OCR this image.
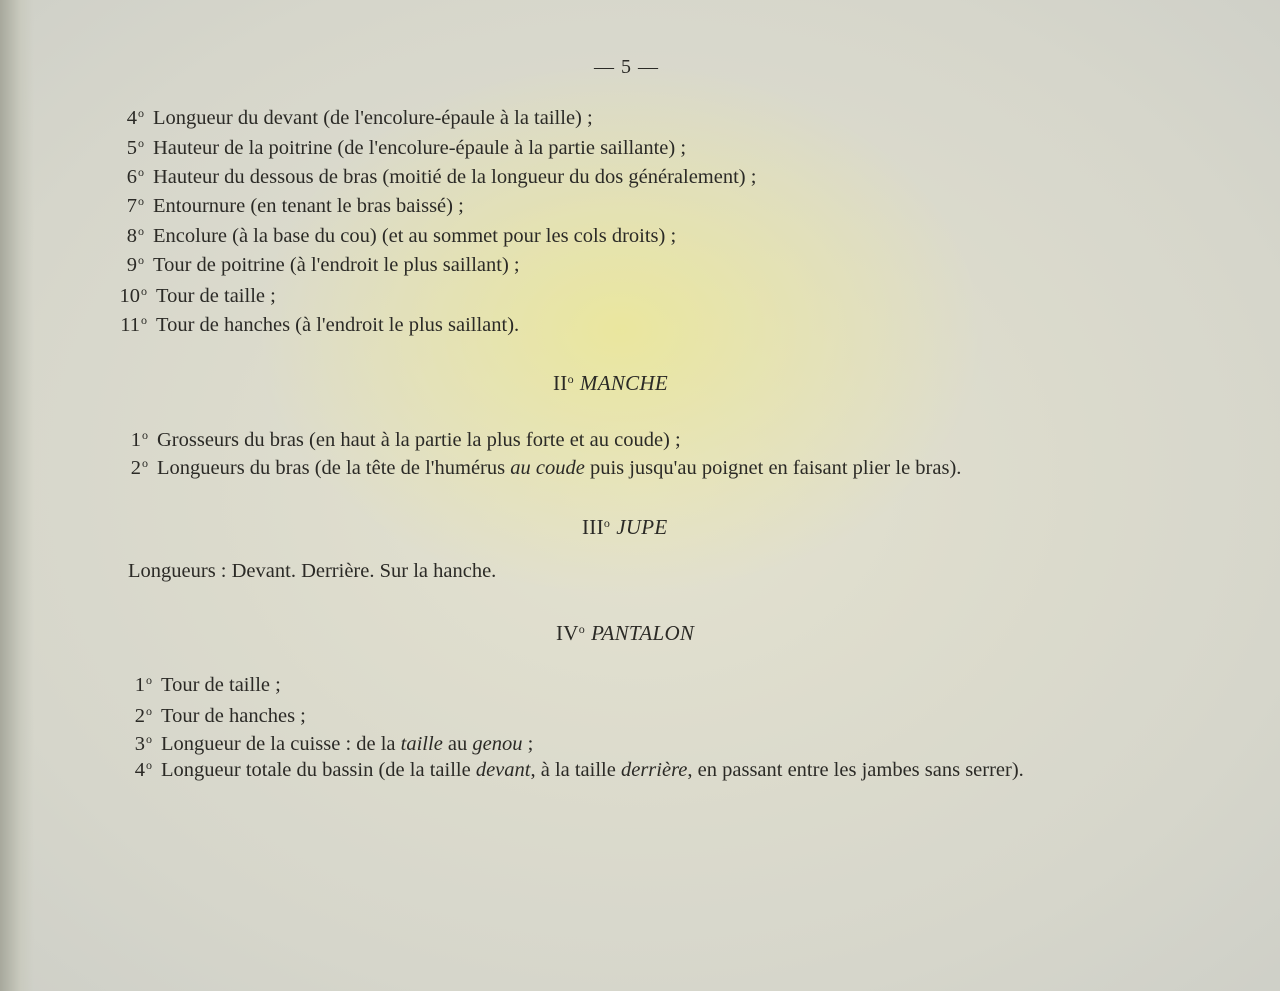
— 5 —
4$^o$ Longueur du devant (de l'encolure-épaule à la taille) ;
5$^o$ Hauteur de la poitrine (de l'encolure-épaule à la partie saillante) ;
6$^o$ Hauteur du dessous de bras (moitié de la longueur du dos généralement) ;
7$^o$ Entournure (en tenant le bras baissé) ;
8$^o$ Encolure (à la base du cou) (et au sommet pour les cols droits) ;
9$^o$ Tour de poitrine (à l'endroit le plus saillant) ;
10$^o$ Tour de taille ;
11$^o$ Tour de hanches (à l'endroit le plus saillant).
$II^o$ MANCHE
1$^o$ Grosseurs du bras (en haut à la partie la plus forte et au coude) ;
2$^o$ Longueurs du bras (de la tête de l'humérus au coude puis jusqu'au poignet en faisant plier le bras).
III$^o$ JUPE
Longueurs : Devant. Derrière. Sur la hanche.
$IV^o$ PANTALON
1$^o$ Tour de taille ;
2$^o$ Tour de hanches ;
3$^o$ Longueur de la cuisse : de la taille au genou ;
4$^o$ Longueur totale du bassin (de la taille devant, à la taille derrière, en passant entre les jambes sans serrer).
